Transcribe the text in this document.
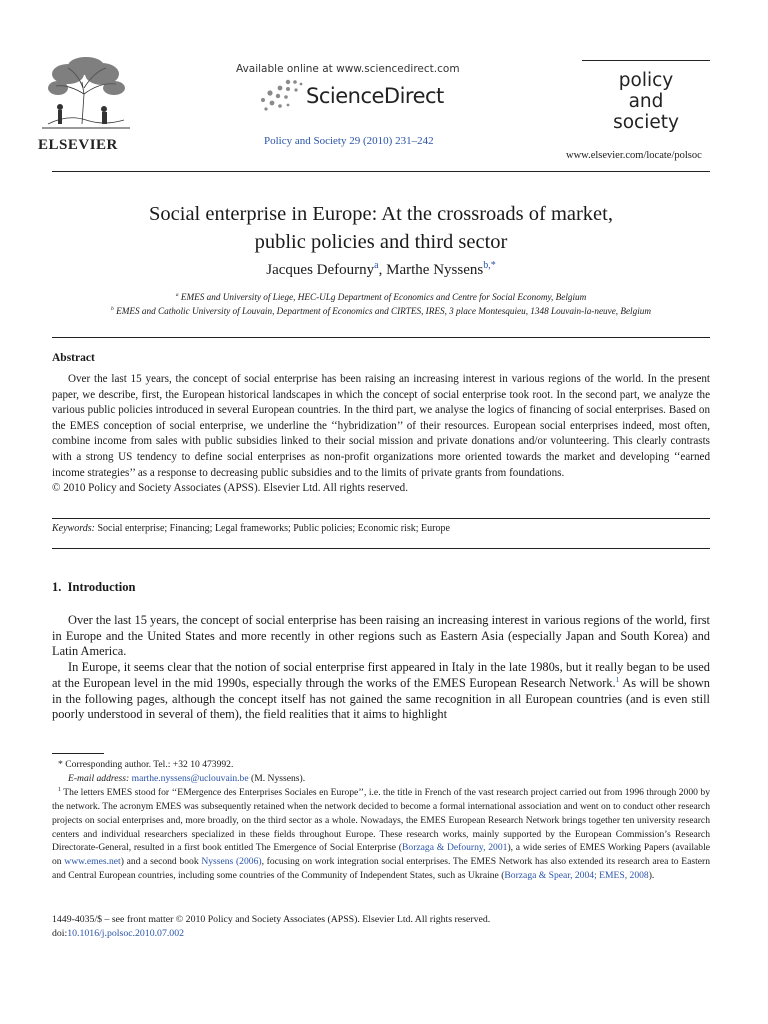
ELSEVIER
Available online at www.sciencedirect.com
ScienceDirect
Policy and Society 29 (2010) 231–242
policy
and
society
www.elsevier.com/locate/polsoc
Social enterprise in Europe: At the crossroads of market,
public policies and third sector
Jacques Defourny$^a$, Marthe Nyssens$^{b,*}$
$^a$ EMES and University of Liege, HEC-ULg Department of Economics and Centre for Social Economy, Belgium
$^b$ EMES and Catholic University of Louvain, Department of Economics and CIRTES, IRES, 3 place Montesquieu, 1348 Louvain-la-neuve, Belgium
Abstract

Over the last 15 years, the concept of social enterprise has been raising an increasing interest in various regions of the world. In the present paper, we describe, first, the European historical landscapes in which the concept of social enterprise took root. In the second part, we analyze the various public policies introduced in several European countries. In the third part, we analyse the logics of financing of social enterprises. Based on the EMES conception of social enterprise, we underline the ‘‘hybridization’’ of their resources. European social enterprises indeed, most often, combine income from sales with public subsidies linked to their social mission and private donations and/or volunteering. This clearly contrasts with a strong US tendency to define social enterprises as non-profit organizations more oriented towards the market and developing ‘‘earned income strategies’’ as a response to decreasing public subsidies and to the limits of private grants from foundations.

© 2010 Policy and Society Associates (APSS). Elsevier Ltd. All rights reserved.

Keywords: Social enterprise; Financing; Legal frameworks; Public policies; Economic risk; Europe
1.  Introduction

Over the last 15 years, the concept of social enterprise has been raising an increasing interest in various regions of the world, first in Europe and the United States and more recently in other regions such as Eastern Asia (especially Japan and South Korea) and Latin America.

In Europe, it seems clear that the notion of social enterprise first appeared in Italy in the late 1980s, but it really began to be used at the European level in the mid 1990s, especially through the works of the EMES European Research Network.$^1$ As will be shown in the following pages, although the concept itself has not gained the same recognition in all European countries (and is even still poorly understood in several of them), the field realities that it aims to highlight

* Corresponding author. Tel.: +32 10 473992.

E-mail address: marthe.nyssens@uclouvain.be (M. Nyssens).

$^1$ The letters EMES stood for ‘‘EMergence des Enterprises Sociales en Europe’’, i.e. the title in French of the vast research project carried out from 1996 through 2000 by the network. The acronym EMES was subsequently retained when the network decided to become a formal international association and went on to conduct other research projects on social enterprises and, more broadly, on the third sector as a whole. Nowadays, the EMES European Research Network brings together ten university research centers and individual researchers specialized in these fields throughout Europe. These research works, mainly supported by the European Commission’s Research Directorate-General, resulted in a first book entitled The Emergence of Social Enterprise (Borzaga & Defourny, 2001), a wide series of EMES Working Papers (available on www.emes.net) and a second book Nyssens (2006), focusing on work integration social enterprises. The EMES Network has also extended its research area to Eastern and Central European countries, including some countries of the Community of Independent States, such as Ukraine (Borzaga & Spear, 2004; EMES, 2008).

1449-4035/$ – see front matter © 2010 Policy and Society Associates (APSS). Elsevier Ltd. All rights reserved.
doi:10.1016/j.polsoc.2010.07.002
